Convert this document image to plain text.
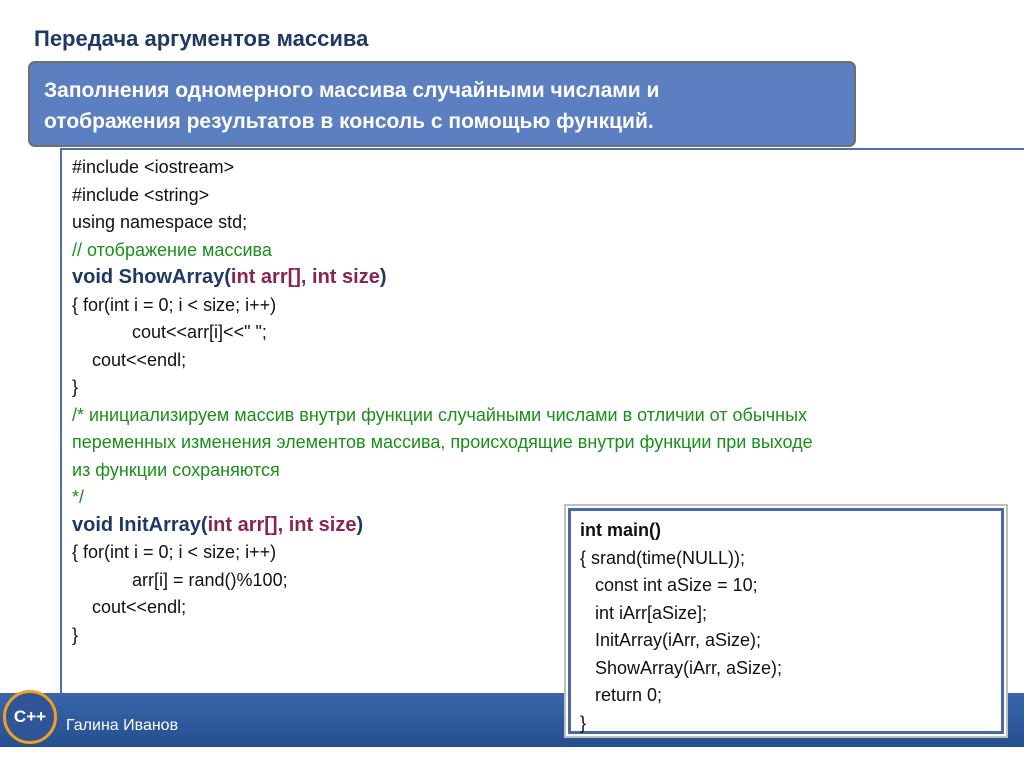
Передача аргументов массива
Заполнения одномерного массива случайными числами и
отображения результатов в консоль с помощью функций.
#include <iostream>
#include <string>
using namespace std;
// отображение массива
void ShowArray(int arr[], int size)
{ for(int i = 0; i < size; i++)
cout<<arr[i]<<" ";
cout<<endl;
}
/* инициализируем массив внутри функции случайными числами в отличии от обычных
переменных изменения элементов массива, происходящие внутри функции при выходе
из функции сохраняются
*/
void InitArray(int arr[], int size)
{ for(int i = 0; i < size; i++)
arr[i] = rand()%100;
cout<<endl;
}
C++	Галина Иванов
int main()
{ srand(time(NULL));
const int aSize = 10;
int iArr[aSize];
InitArray(iArr, aSize);
ShowArray(iArr, aSize);
return 0;
}
